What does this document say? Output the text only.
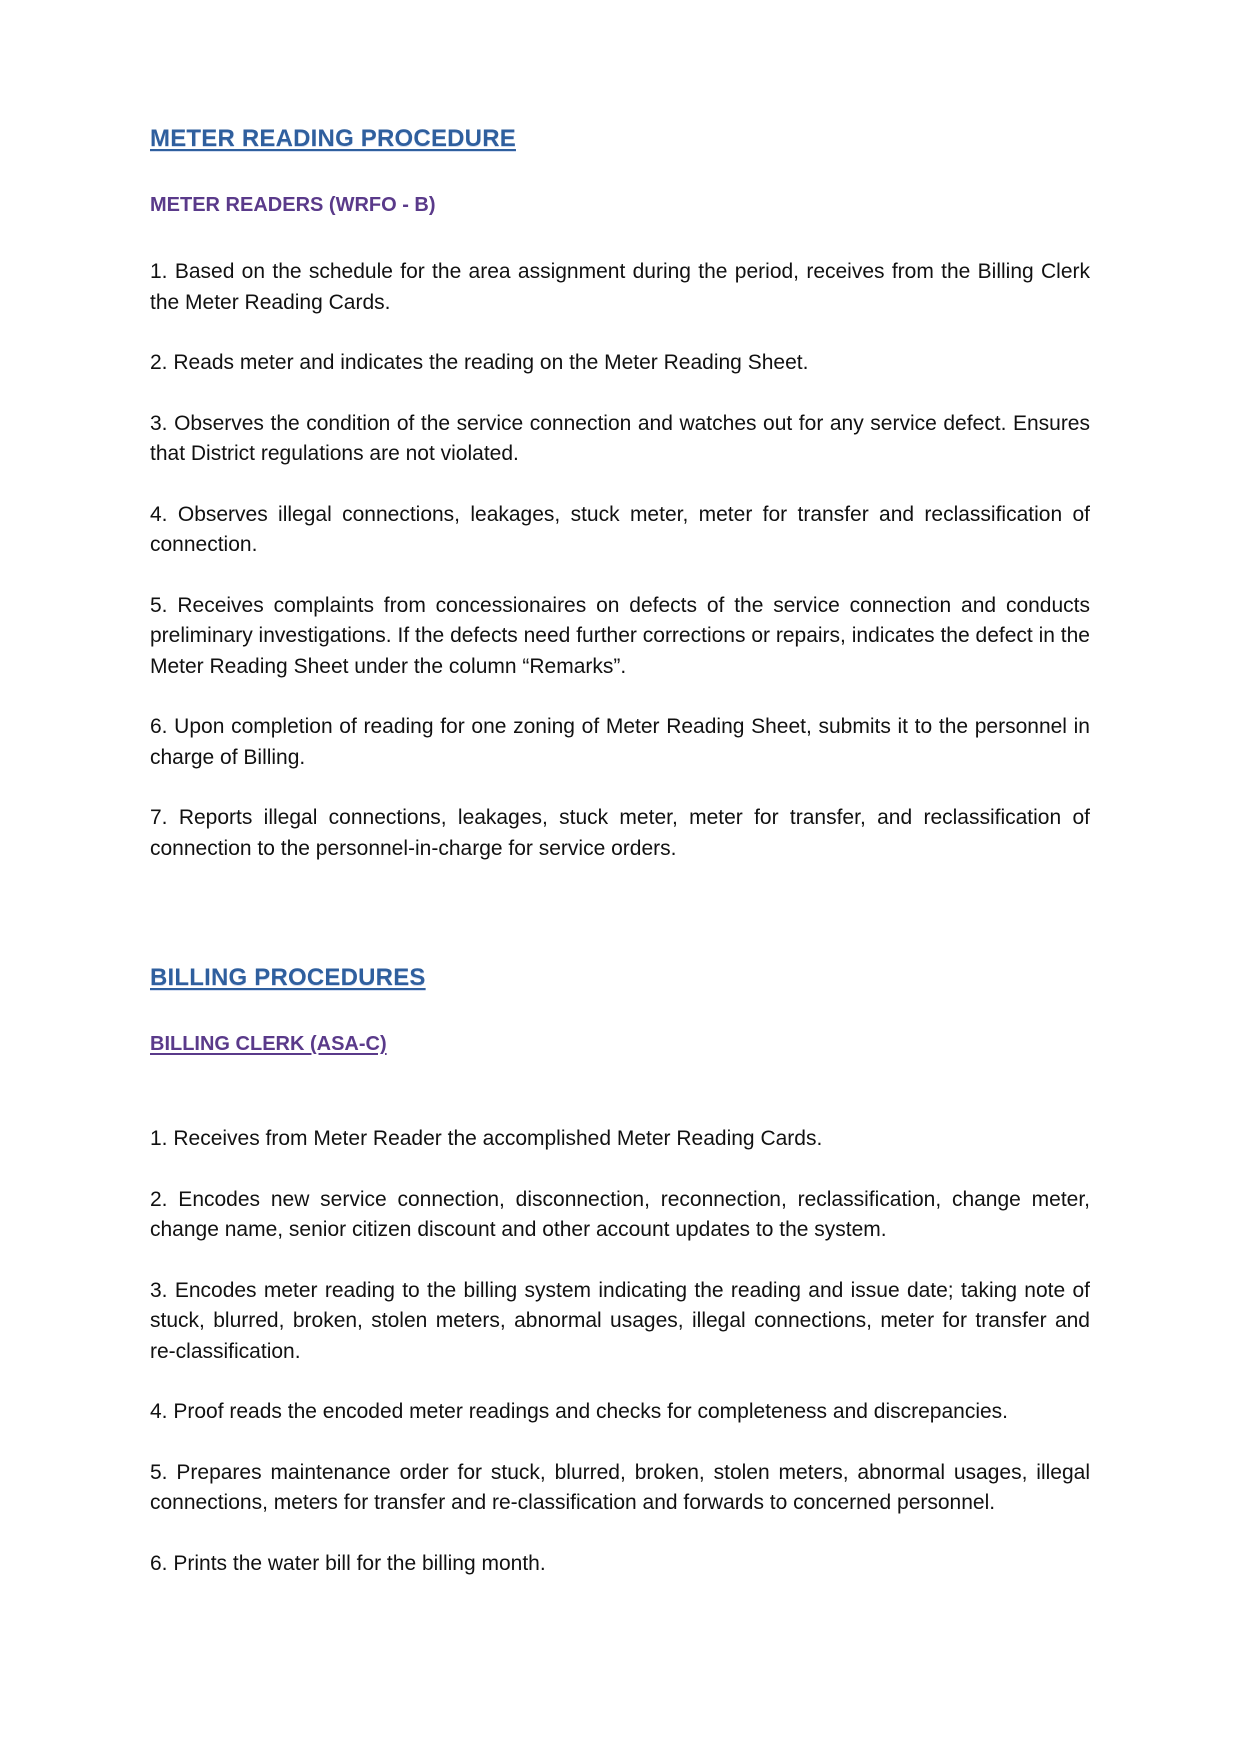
METER READING PROCEDURE
METER READERS (WRFO - B)
1. Based on the schedule for the area assignment during the period, receives from the Billing Clerk the Meter Reading Cards.
2. Reads meter and indicates the reading on the Meter Reading Sheet.
3. Observes the condition of the service connection and watches out for any service defect. Ensures that District regulations are not violated.
4. Observes illegal connections, leakages, stuck meter, meter for transfer and reclassification of connection.
5. Receives complaints from concessionaires on defects of the service connection and conducts preliminary investigations. If the defects need further corrections or repairs, indicates the defect in the Meter Reading Sheet under the column “Remarks”.
6. Upon completion of reading for one zoning of Meter Reading Sheet, submits it to the personnel in charge of Billing.
7. Reports illegal connections, leakages, stuck meter, meter for transfer, and reclassification of connection to the personnel-in-charge for service orders.
BILLING PROCEDURES
BILLING CLERK (ASA-C)
1. Receives from Meter Reader the accomplished Meter Reading Cards.
2. Encodes new service connection, disconnection, reconnection, reclassification, change meter, change name, senior citizen discount and other account updates to the system.
3. Encodes meter reading to the billing system indicating the reading and issue date; taking note of stuck, blurred, broken, stolen meters, abnormal usages, illegal connections, meter for transfer and re-classification.
4. Proof reads the encoded meter readings and checks for completeness and discrepancies.
5. Prepares maintenance order for stuck, blurred, broken, stolen meters, abnormal usages, illegal connections, meters for transfer and re-classification and forwards to concerned personnel.
6. Prints the water bill for the billing month.
